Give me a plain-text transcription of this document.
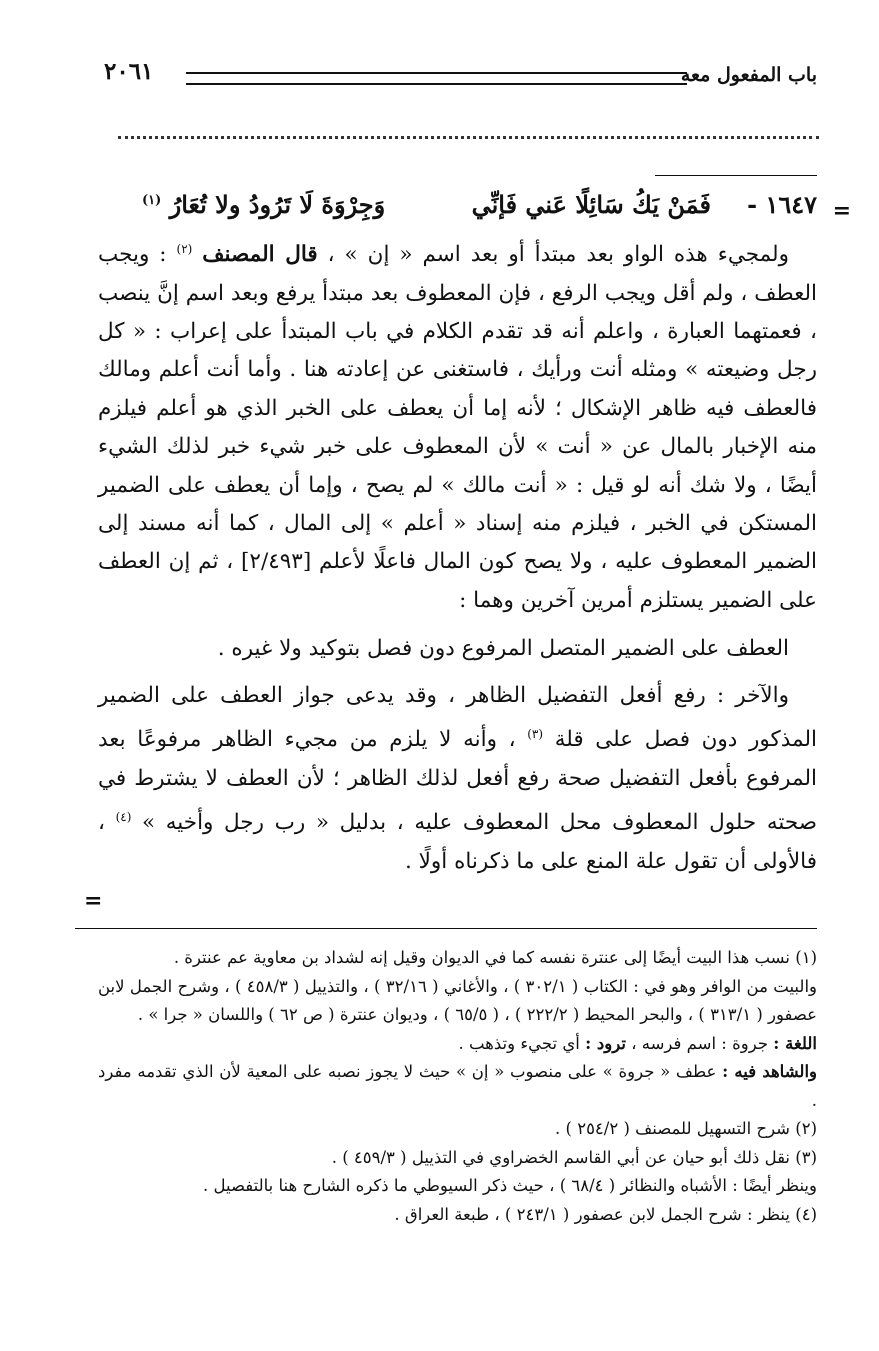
باب المفعول معه
٢٠٦١
=
١٦٤٧ -
فَمَنْ يَكُ سَائِلًا عَني فَإنِّي
وَجِرْوَةَ لَا تَرُودُ ولا تُعَارُ $^{(١)}$

ولمجيء هذه الواو بعد مبتدأ أو بعد اسم « إن » ، قال المصنف $^{(٢)}$ : ويجب العطف ، ولم أقل ويجب الرفع ، فإن المعطوف بعد مبتدأ يرفع وبعد اسم إنَّ ينصب ، فعمتهما العبارة ، واعلم أنه قد تقدم الكلام في باب المبتدأ على إعراب : « كل رجل وضيعته » ومثله أنت ورأيك ، فاستغنى عن إعادته هنا . وأما أنت أعلم ومالك فالعطف فيه ظاهر الإشكال ؛ لأنه إما أن يعطف على الخبر الذي هو أعلم فيلزم منه الإخبار بالمال عن « أنت » لأن المعطوف على خبر شيء خبر لذلك الشيء أيضًا ، ولا شك أنه لو قيل : « أنت مالك » لم يصح ، وإما أن يعطف على الضمير المستكن في الخبر ، فيلزم منه إسناد « أعلم » إلى المال ، كما أنه مسند إلى الضمير المعطوف عليه ، ولا يصح كون المال فاعلًا لأعلم [٢/٤٩٣] ، ثم إن العطف على الضمير يستلزم أمرين آخرين وهما :

العطف على الضمير المتصل المرفوع دون فصل بتوكيد ولا غيره .

والآخر : رفع أفعل التفضيل الظاهر ، وقد يدعى جواز العطف على الضمير المذكور دون فصل على قلة $^{(٣)}$ ، وأنه لا يلزم من مجيء الظاهر مرفوعًا بعد المرفوع بأفعل التفضيل صحة رفع أفعل لذلك الظاهر ؛ لأن العطف لا يشترط في صحته حلول المعطوف محل المعطوف عليه ، بدليل « رب رجل وأخيه » $^{(٤)}$ ، فالأولى أن تقول علة المنع على ما ذكرناه أولًا .

=

(١) نسب هذا البيت أيضًا إلى عنترة نفسه كما في الديوان وقيل إنه لشداد بن معاوية عم عنترة .

والبيت من الوافر وهو في : الكتاب ( ٣٠٢/١ ) ، والأغاني ( ٣٢/١٦ ) ، والتذييل ( ٤٥٨/٣ ) ، وشرح الجمل لابن عصفور ( ٣١٣/١ ) ، والبحر المحيط ( ٢٢٢/٢ ) ، ( ٦٥/٥ ) ، وديوان عنترة ( ص ٦٢ ) واللسان « جرا » .

اللغة : جروة : اسم فرسه ، ترود : أي تجيء وتذهب .

والشاهد فيه : عطف « جروة » على منصوب « إن » حيث لا يجوز نصبه على المعية لأن الذي تقدمه مفرد .

(٢) شرح التسهيل للمصنف ( ٢٥٤/٢ ) .

(٣) نقل ذلك أبو حيان عن أبي القاسم الخضراوي في التذييل ( ٤٥٩/٣ ) .

وينظر أيضًا : الأشباه والنظائر ( ٦٨/٤ ) ، حيث ذكر السيوطي ما ذكره الشارح هنا بالتفصيل .

(٤) ينظر : شرح الجمل لابن عصفور ( ٢٤٣/١ ) ، طبعة العراق .
